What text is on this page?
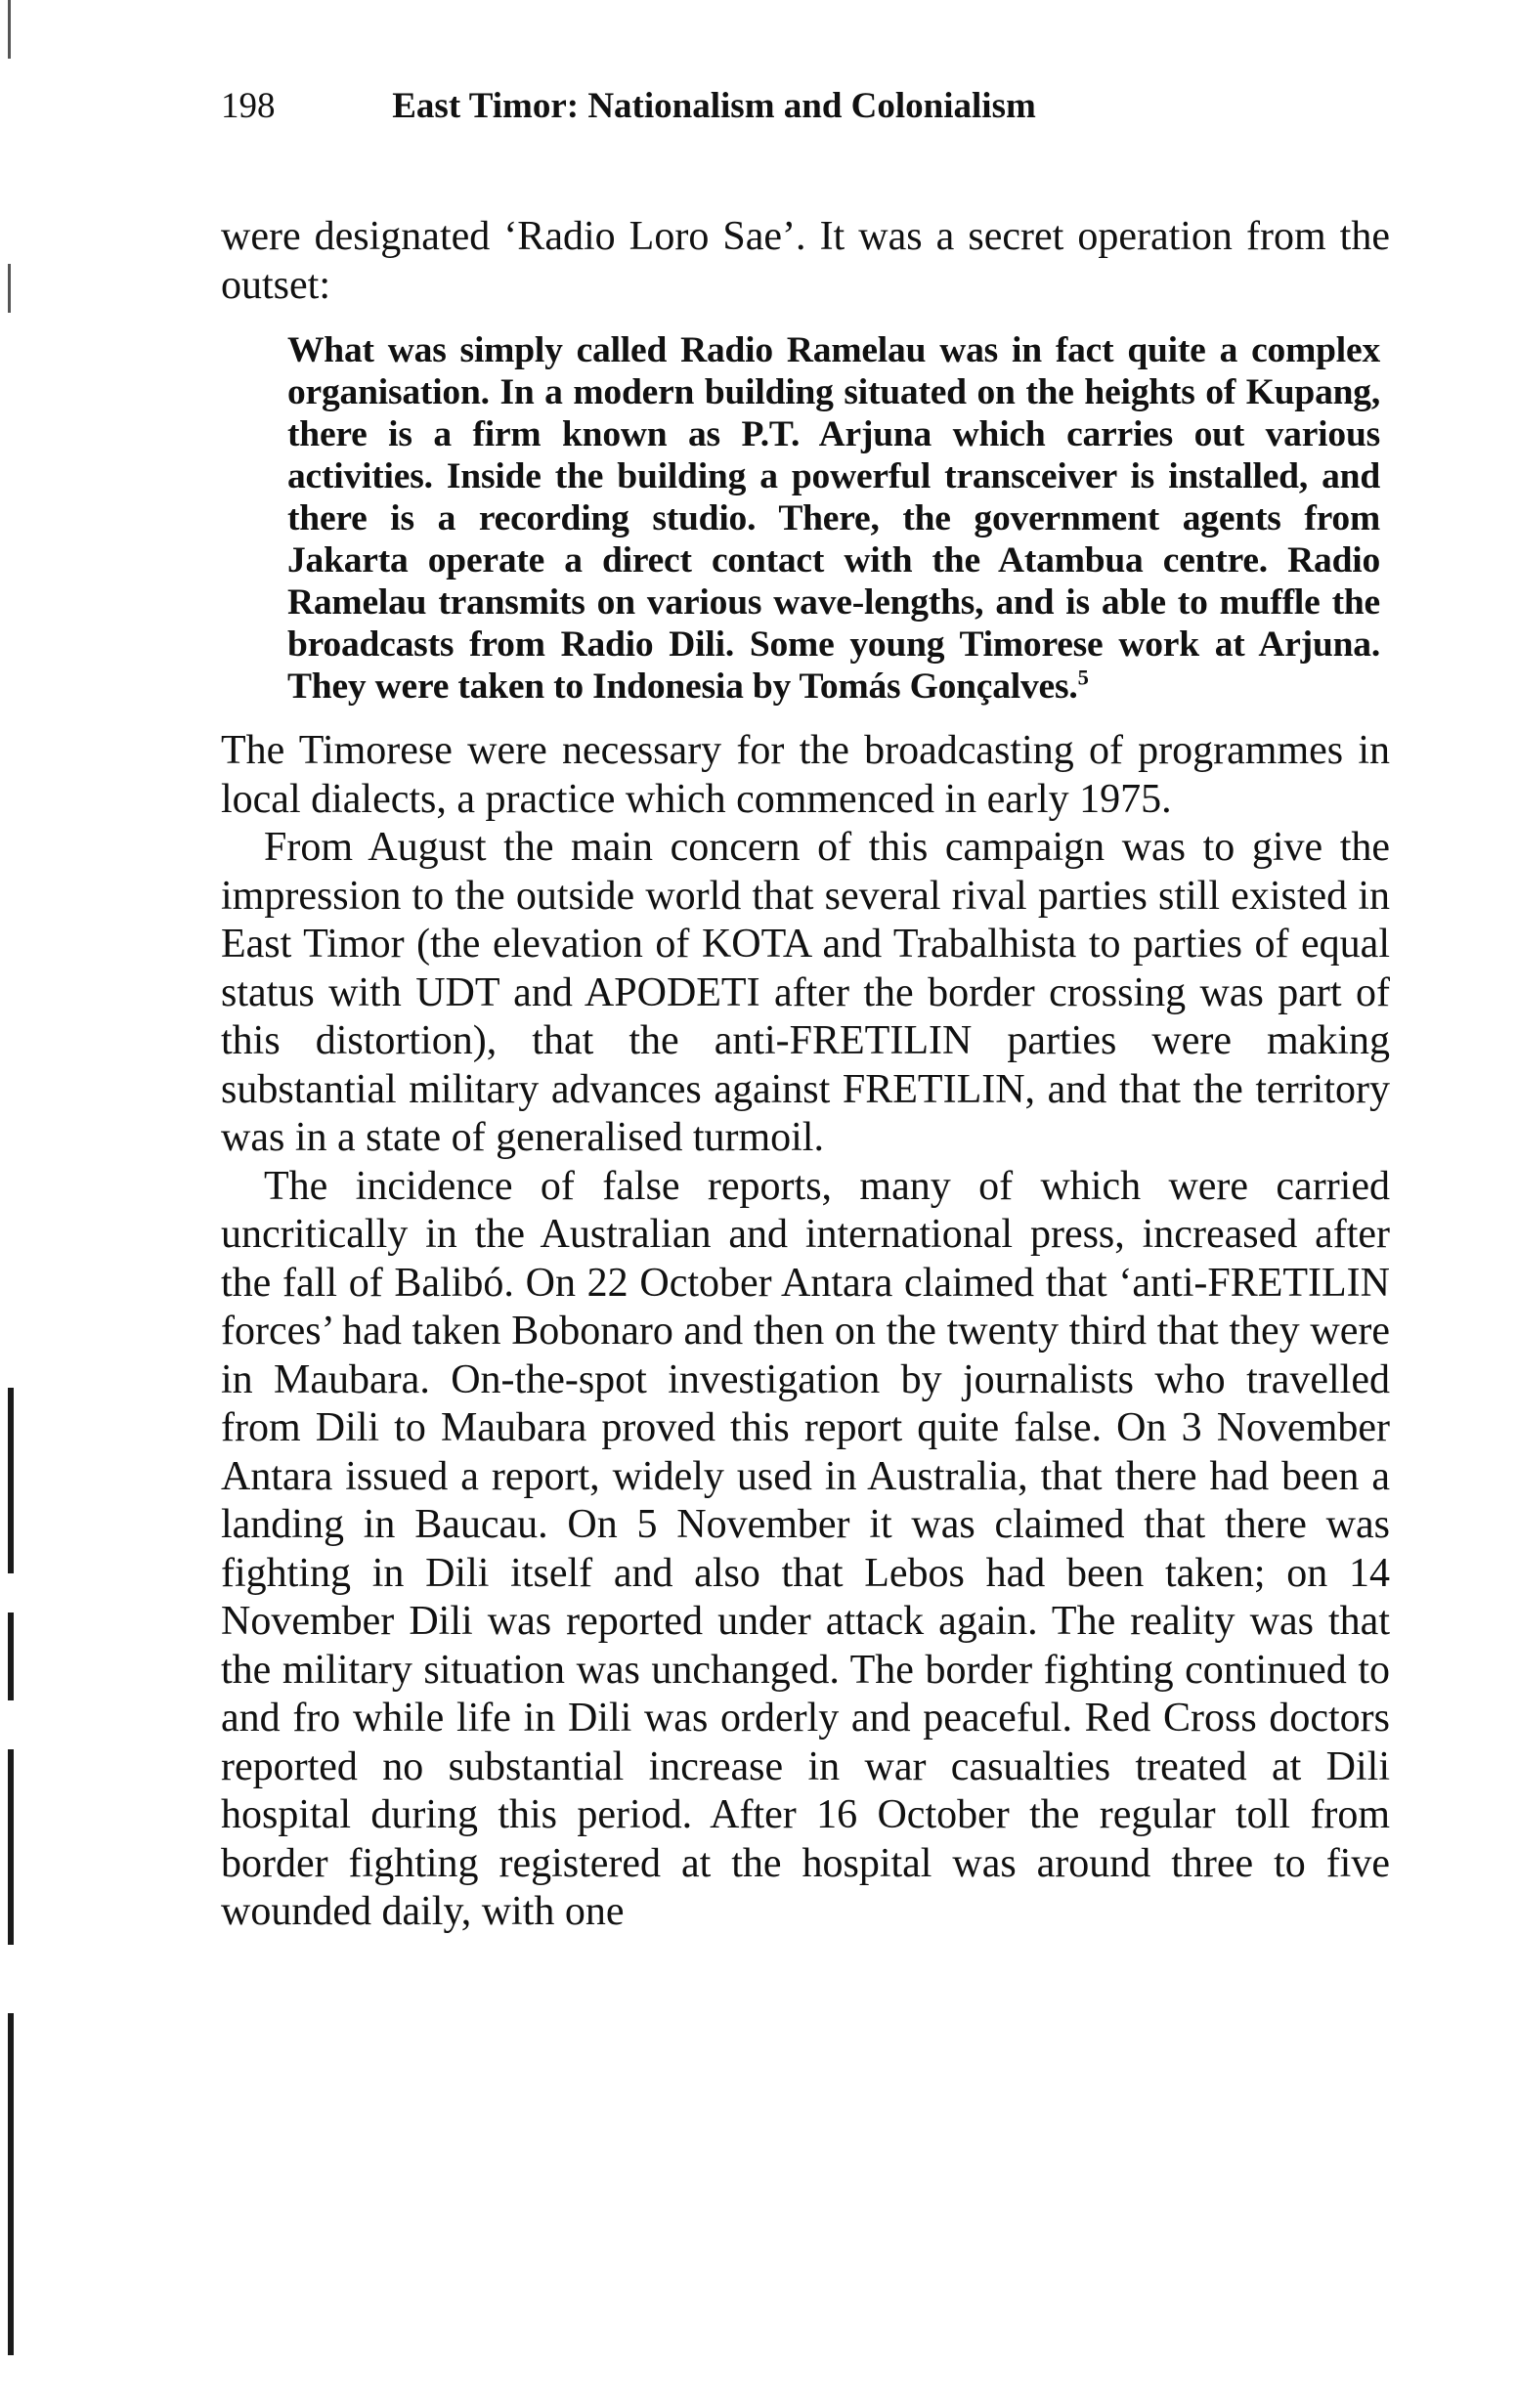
198	East Timor: Nationalism and Colonialism

were designated ‘Radio Loro Sae’. It was a secret operation from the outset:

What was simply called Radio Ramelau was in fact quite a complex organisation. In a modern building situated on the heights of Kupang, there is a firm known as P.T. Arjuna which carries out various activities. Inside the building a powerful transceiver is installed, and there is a recording studio. There, the government agents from Jakarta operate a direct contact with the Atambua centre. Radio Ramelau transmits on various wave-lengths, and is able to muffle the broadcasts from Radio Dili. Some young Timorese work at Arjuna. They were taken to Indonesia by Tomás Gonçalves.$^5$

The Timorese were necessary for the broadcasting of programmes in local dialects, a practice which commenced in early 1975.

From August the main concern of this campaign was to give the impression to the outside world that several rival parties still existed in East Timor (the elevation of KOTA and Trabalhista to parties of equal status with UDT and APODETI after the border crossing was part of this distortion), that the anti-FRETILIN parties were making substantial military advances against FRETILIN, and that the territory was in a state of generalised turmoil.

The incidence of false reports, many of which were carried uncritically in the Australian and international press, increased after the fall of Balibó. On 22 October Antara claimed that ‘anti-FRETILIN forces’ had taken Bobonaro and then on the twenty third that they were in Maubara. On-the-spot investigation by journalists who travelled from Dili to Maubara proved this report quite false. On 3 November Antara issued a report, widely used in Australia, that there had been a landing in Baucau. On 5 November it was claimed that there was fighting in Dili itself and also that Lebos had been taken; on 14 November Dili was reported under attack again. The reality was that the military situation was unchanged. The border fighting continued to and fro while life in Dili was orderly and peaceful. Red Cross doctors reported no substantial increase in war casualties treated at Dili hospital during this period. After 16 October the regular toll from border fighting registered at the hospital was around three to five wounded daily, with one
